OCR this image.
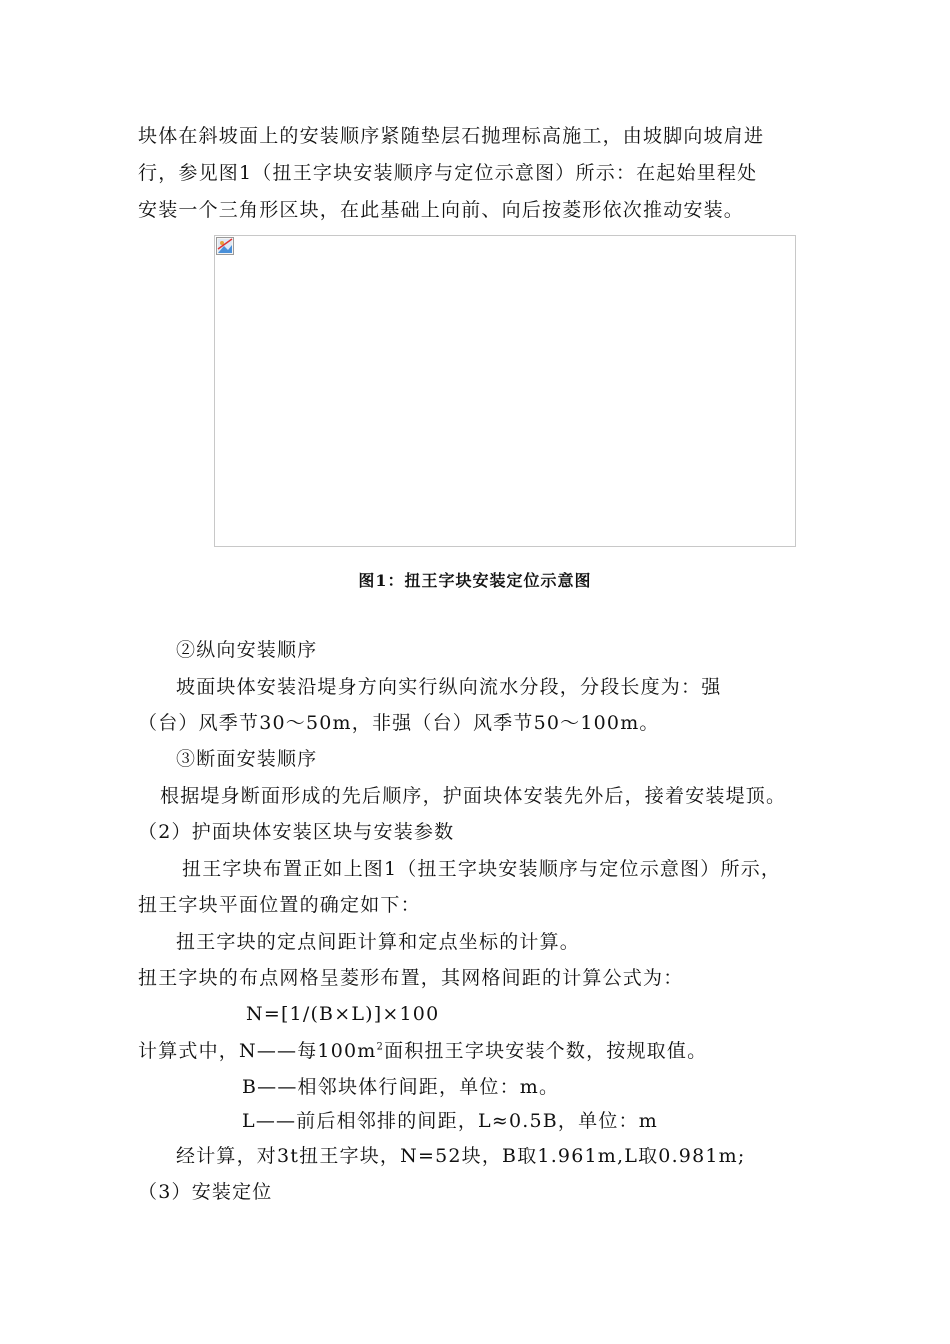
块体在斜坡面上的安装顺序紧随垫层石抛理标高施工，由坡脚向坡肩进
行，参见图1（扭王字块安装顺序与定位示意图）所示：在起始里程处
安装一个三角形区块，在此基础上向前、向后按菱形依次推动安装。
图1：扭王字块安装定位示意图
②纵向安装顺序
坡面块体安装沿堤身方向实行纵向流水分段，分段长度为：强
（台）风季节30～50m，非强（台）风季节50～100m。
③断面安装顺序
根据堤身断面形成的先后顺序，护面块体安装先外后，接着安装堤顶。
（2）护面块体安装区块与安装参数
扭王字块布置正如上图1（扭王字块安装顺序与定位示意图）所示，
扭王字块平面位置的确定如下：
扭王字块的定点间距计算和定点坐标的计算。
扭王字块的布点网格呈菱形布置，其网格间距的计算公式为：
N=[1/(B×L)]×100
计算式中，N——每$100m^2$面积扭王字块安装个数，按规取值。
B——相邻块体行间距，单位：m。
L——前后相邻排的间距，L≈0.5B，单位：m
经计算，对3t扭王字块，N=52块，B取1.961m,L取0.981m;
（3）安装定位
